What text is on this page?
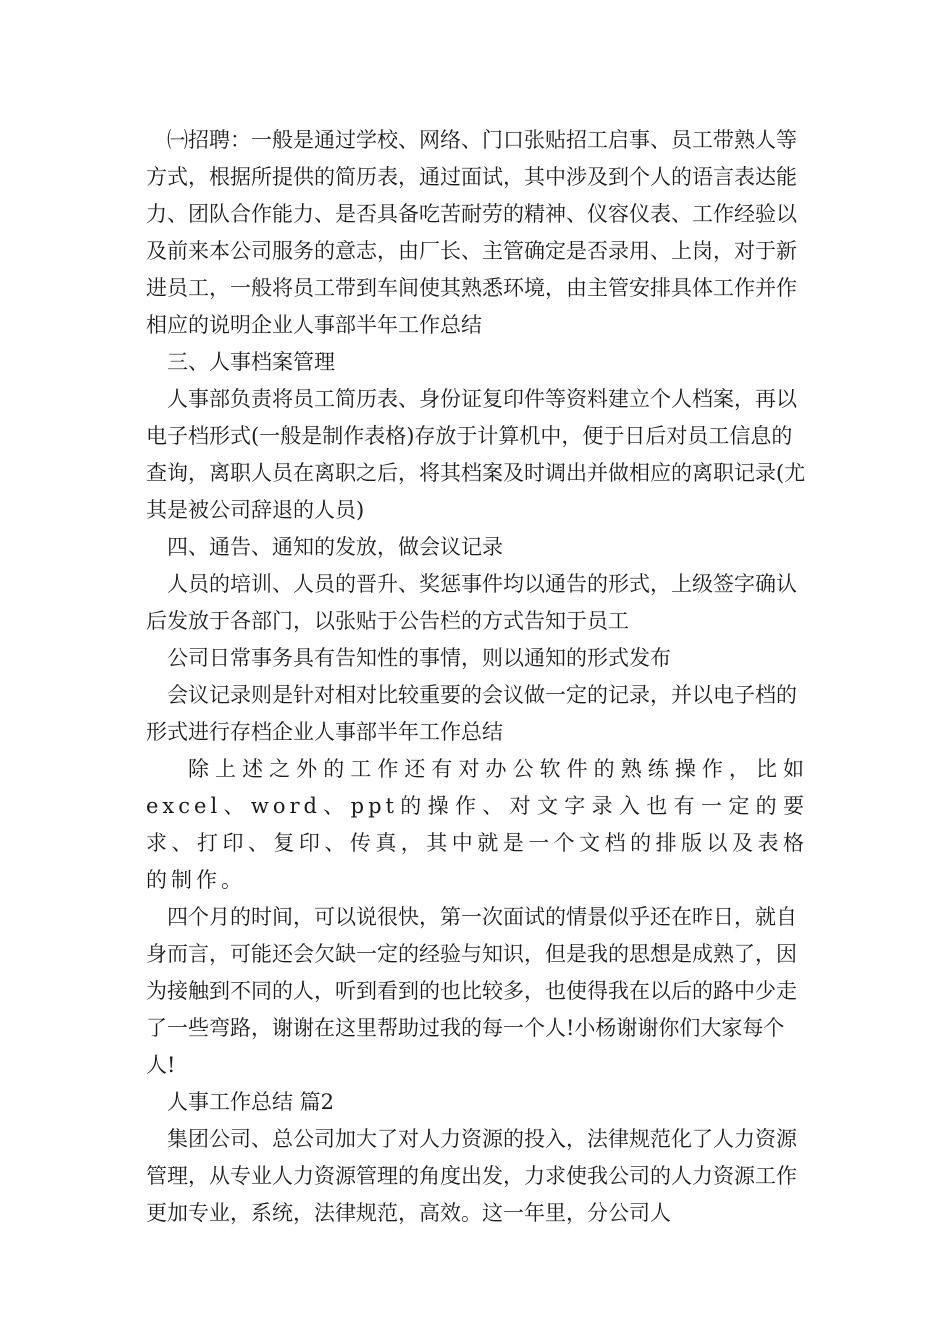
㈠招聘：一般是通过学校、网络、门口张贴招工启事、员工带熟人等方式，根据所提供的简历表，通过面试，其中涉及到个人的语言表达能力、团队合作能力、是否具备吃苦耐劳的精神、仪容仪表、工作经验以及前来本公司服务的意志，由厂长、主管确定是否录用、上岗，对于新进员工，一般将员工带到车间使其熟悉环境，由主管安排具体工作并作相应的说明企业人事部半年工作总结

三、人事档案管理

人事部负责将员工简历表、身份证复印件等资料建立个人档案，再以电子档形式(一般是制作表格)存放于计算机中，便于日后对员工信息的查询，离职人员在离职之后，将其档案及时调出并做相应的离职记录(尤其是被公司辞退的人员)

四、通告、通知的发放，做会议记录

人员的培训、人员的晋升、奖惩事件均以通告的形式，上级签字确认后发放于各部门，以张贴于公告栏的方式告知于员工

公司日常事务具有告知性的事情，则以通知的形式发布

会议记录则是针对相对比较重要的会议做一定的记录，并以电子档的形式进行存档企业人事部半年工作总结

除上述之外的工作还有对办公软件的熟练操作，比如excel、word、ppt的操作、对文字录入也有一定的要求、打印、复印、传真，其中就是一个文档的排版以及表格的制作。

四个月的时间，可以说很快，第一次面试的情景似乎还在昨日，就自身而言，可能还会欠缺一定的经验与知识，但是我的思想是成熟了，因为接触到不同的人，听到看到的也比较多，也使得我在以后的路中少走了一些弯路，谢谢在这里帮助过我的每一个人!小杨谢谢你们大家每个人!

人事工作总结 篇2

集团公司、总公司加大了对人力资源的投入，法律规范化了人力资源管理，从专业人力资源管理的角度出发，力求使我公司的人力资源工作更加专业，系统，法律规范，高效。这一年里，分公司人
